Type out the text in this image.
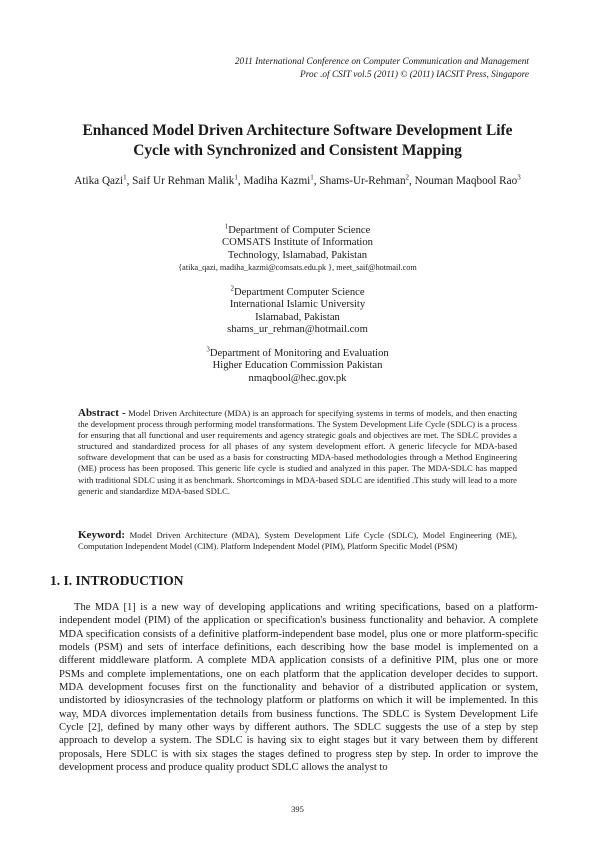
2011 International Conference on Computer Communication and Management
Proc .of CSIT vol.5 (2011) © (2011) IACSIT Press, Singapore
Enhanced Model Driven Architecture Software Development Life
Cycle with Synchronized and Consistent Mapping
Atika Qazi$^1$, Saif Ur Rehman Malik$^1$, Madiha Kazmi$^1$, Shams-Ur-Rehman$^2$, Nouman Maqbool Rao$^3$
$^1$Department of Computer Science
COMSATS Institute of Information
Technology, Islamabad, Pakistan
{atika_qazi, madiha_kazmi@comsats.edu.pk }, meet_saif@hotmail.com
$^2$Department Computer Science
International Islamic University
Islamabad, Pakistan
shams_ur_rehman@hotmail.com
$^3$Department of Monitoring and Evaluation
Higher Education Commission Pakistan
nmaqbool@hec.gov.pk
Abstract - Model Driven Architecture (MDA) is an approach for specifying systems in terms of models, and then enacting the development process through performing model transformations. The System Development Life Cycle (SDLC) is a process for ensuring that all functional and user requirements and agency strategic goals and objectives are met. The SDLC provides a structured and standardized process for all phases of any system development effort. A generic lifecycle for MDA-based software development that can be used as a basis for constructing MDA-based methodologies through a Method Engineering (ME) process has been proposed. This generic life cycle is studied and analyzed in this paper. The MDA-SDLC has mapped with traditional SDLC using it as benchmark. Shortcomings in MDA-based SDLC are identified .This study will lead to a more generic and standardize MDA-based SDLC.
Keyword: Model Driven Architecture (MDA), System Development Life Cycle (SDLC), Model Engineering (ME), Computation Independent Model (CIM). Platform Independent Model (PIM), Platform Specific Model (PSM)
1. I. INTRODUCTION
The MDA [1] is a new way of developing applications and writing specifications, based on a platform-independent model (PIM) of the application or specification's business functionality and behavior. A complete MDA specification consists of a definitive platform-independent base model, plus one or more platform-specific models (PSM) and sets of interface definitions, each describing how the base model is implemented on a different middleware platform. A complete MDA application consists of a definitive PIM, plus one or more PSMs and complete implementations, one on each platform that the application developer decides to support. MDA development focuses first on the functionality and behavior of a distributed application or system, undistorted by idiosyncrasies of the technology platform or platforms on which it will be implemented. In this way, MDA divorces implementation details from business functions. The SDLC is System Development Life Cycle [2], defined by many other ways by different authors. The SDLC suggests the use of a step by step approach to develop a system. The SDLC is having six to eight stages but it vary between them by different proposals, Here SDLC is with six stages the stages defined to progress step by step. In order to improve the development process and produce quality product SDLC allows the analyst to
395
